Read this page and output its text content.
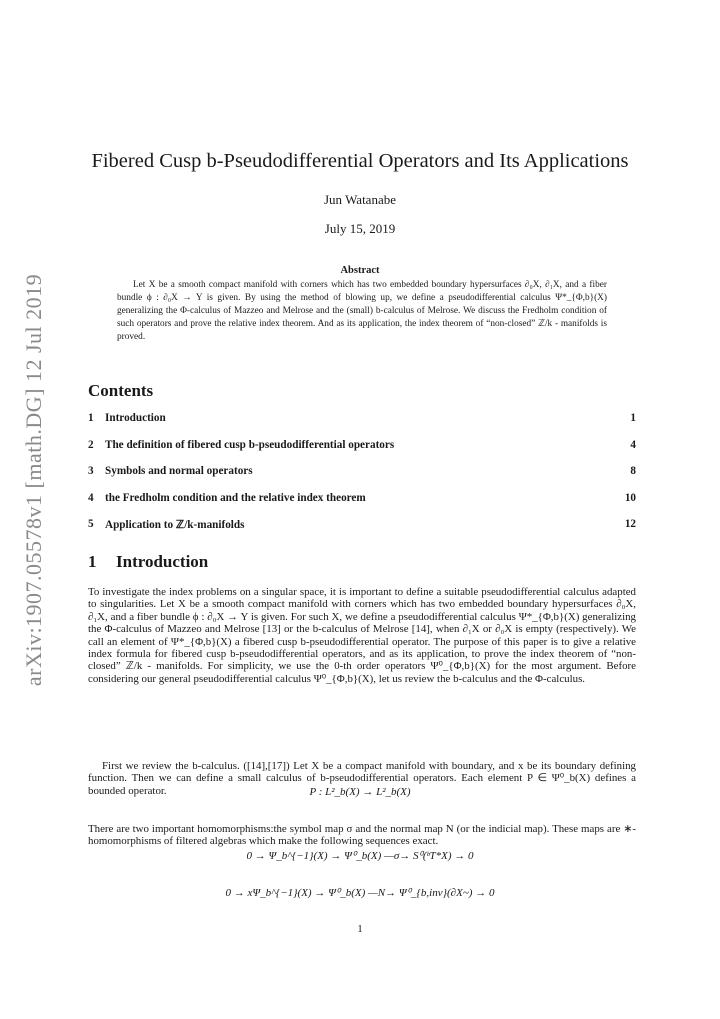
arXiv:1907.05578v1 [math.DG] 12 Jul 2019
Fibered Cusp b-Pseudodifferential Operators and Its Applications
Jun Watanabe
July 15, 2019
Abstract
Let X be a smooth compact manifold with corners which has two embedded boundary hypersurfaces ∂₀X, ∂₁X, and a fiber bundle ϕ : ∂₀X → Y is given. By using the method of blowing up, we define a pseudodifferential calculus Ψ*_{Φ,b}(X) generalizing the Φ-calculus of Mazzeo and Melrose and the (small) b-calculus of Melrose. We discuss the Fredholm condition of such operators and prove the relative index theorem. And as its application, the index theorem of “non-closed” ℤ/k - manifolds is proved.
Contents
1 Introduction	1
2 The definition of fibered cusp b-pseudodifferential operators	4
3 Symbols and normal operators	8
4 the Fredholm condition and the relative index theorem	10
5 Application to ℤ/k-manifolds	12
1 Introduction
To investigate the index problems on a singular space, it is important to define a suitable pseudodifferential calculus adapted to singularities. Let X be a smooth compact manifold with corners which has two embedded boundary hypersurfaces ∂₀X, ∂₁X, and a fiber bundle ϕ : ∂₀X → Y is given. For such X, we define a pseudodifferential calculus Ψ*_{Φ,b}(X) generalizing the Φ-calculus of Mazzeo and Melrose [13] or the b-calculus of Melrose [14], when ∂₁X or ∂₀X is empty (respectively). We call an element of Ψ*_{Φ,b}(X) a fibered cusp b-pseudodifferential operator. The purpose of this paper is to give a relative index formula for fibered cusp b-pseudodifferential operators, and as its application, to prove the index theorem of “non-closed” ℤ/k - manifolds. For simplicity, we use the 0-th order operators Ψ⁰_{Φ,b}(X) for the most argument. Before considering our general pseudodifferential calculus Ψ⁰_{Φ,b}(X), let us review the b-calculus and the Φ-calculus.
P : L²_b(X) → L²_b(X)
First we review the b-calculus. ([14],[17]) Let X be a compact manifold with boundary, and x be its boundary defining function. Then we can define a small calculus of b-pseudodifferential operators. Each element P ∈ Ψ⁰_b(X) defines a bounded operator.
There are two important homomorphisms:the symbol map σ and the normal map N (or the indicial map). These maps are ∗-homomorphisms of filtered algebras which make the following sequences exact.
0 → Ψ_b^{−1}(X) → Ψ⁰_b(X) —σ→ S⁰(ᵇT*X) → 0
0 → xΨ_b^{−1}(X) → Ψ⁰_b(X) —N→ Ψ⁰_{b,inv}(∂X~) → 0
1
